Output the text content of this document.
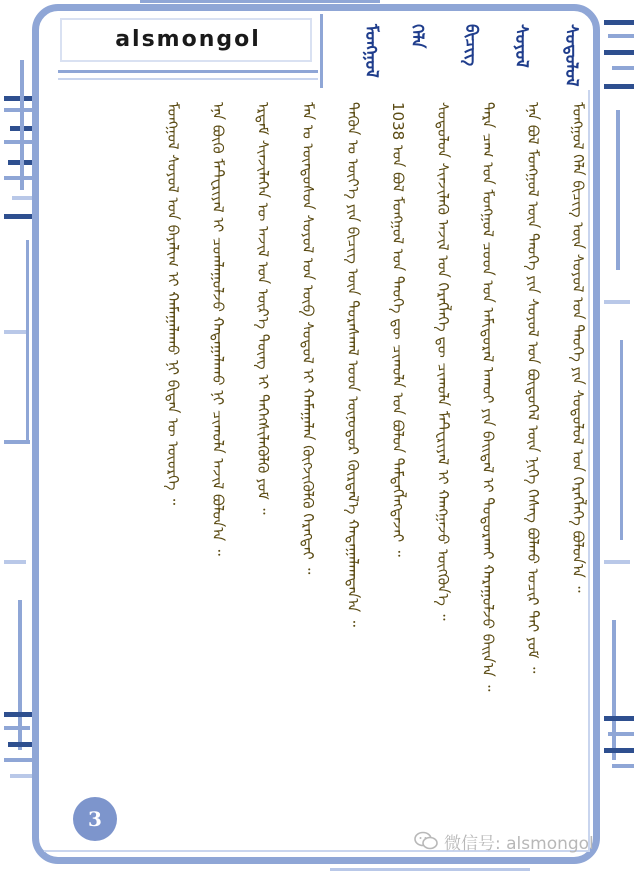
alsmongol	ᠮᠣᠩᠭᠣᠯ ᠬᠡᠯᠡ ᠪᠢᠴᠢᠭ ᠰᠣᠶᠣᠯ ᠰᠤᠳᠤᠯᠤᠯ
ᠮᠣᠩᠭᠣᠯ ᠬᠡᠯᠡ ᠪᠢᠴᠢᠭ ᠦᠨ ᠰᠣᠶᠣᠯ ᠤᠨ ᠲᠡᠦᠬᠡ ᠶᠢᠨ ᠰᠤᠳᠤᠯᠤᠯ ᠤᠨ ᠬᠡᠷᠡᠭᠯᠡᠭᠡ ᠪᠣᠯᠤᠨ᠎ᠠ ᠃
ᠡᠨᠡ ᠪᠣᠯ ᠮᠣᠩᠭᠣᠯ ᠦᠨ ᠲᠡᠦᠬᠡ ᠶᠢᠨ ᠰᠣᠶᠣᠯ ᠤᠨ ᠪᠦᠲᠦᠭᠡᠯ ᠦᠨ ᠨᠢᠭᠡ ᠬᠡᠰᠡᠭ ᠪᠣᠯᠬᠤ ᠤᠴᠢᠷ ᠲᠠᠢ ᠶᠤᠮ ᠃
ᠲᠡᠷᠡ ᠴᠠᠭ ᠤᠨ ᠮᠣᠩᠭᠣᠯ ᠴᠤᠳ ᠤᠨ ᠠᠮᠢᠳᠤᠷᠠᠯ ᠠᠬᠤᠢ ᠶᠢᠨ ᠪᠠᠢᠳᠠᠯ ᠢ ᠲᠣᠳᠣᠷᠬᠠᠢ ᠬᠠᠷᠠᠭᠤᠯᠵᠤ ᠪᠠᠢᠨ᠎ᠠ ᠃
ᠰᠤᠳᠤᠯᠤᠨ ᠰᠢᠨᠵᠢᠯᠡᠬᠦ ᠠᠵᠢᠯ ᠤᠨ ᠬᠡᠷᠡᠭᠯᠡᠭᠡ ᠳᠦ ᠴᠢᠬᠤᠯᠠ ᠮᠠᠲᠧᠷᠢᠶᠠᠯ ᠢ ᠬᠠᠩᠭᠠᠵᠤ ᠦᠭᠭᠦᠨ᠎ᠡ ᠃
1038 ᠣᠨ ᠪᠣᠯ ᠮᠣᠩᠭᠣᠯ ᠤᠨ ᠲᠡᠦᠬᠡ ᠳᠦ ᠴᠢᠬᠤᠯᠠ ᠣᠨ ᠪᠣᠯᠤᠨ ᠲᠡᠮᠳᠡᠭᠯᠡᠭᠳᠡᠵᠡᠢ ᠃
ᠲᠡᠭᠦᠨ ᠤ ᠦᠶ᠎ᠡ ᠶᠢᠨ ᠪᠢᠴᠢᠭ ᠦᠨ ᠳᠤᠷᠠᠰᠬᠠᠯ ᠤᠳ ᠥᠨᠥᠳᠥᠷ ᠬᠦᠷᠲᠡᠯ᠎ᠡ ᠬᠠᠳᠠᠭᠠᠯᠠᠭᠳᠠᠨ᠎ᠠ ᠃
ᠮᠠᠨ ᠤ ᠦᠨᠳᠦᠰᠦᠨ ᠰᠣᠶᠣᠯ ᠤᠨ ᠦᠪ ᠰᠤᠳᠤᠯ ᠢ ᠬᠠᠮᠠᠭᠠᠯᠠᠨ ᠬᠦᠭᠵᠢᠭᠦᠯᠬᠦ ᠬᠡᠷᠡᠭᠲᠡᠢ ᠃
ᠡᠷᠳᠡᠮ ᠰᠢᠨᠵᠢᠯᠡᠭᠡᠨ ᠦ ᠠᠵᠢᠯ ᠤᠨ ᠦᠷ᠎ᠡ ᠳᠦᠩ ᠢ ᠳᠡᠭᠡᠭᠰᠢᠯᠡᠭᠦᠯᠬᠦ ᠶᠤᠮ ᠃
ᠡᠨᠡ ᠪᠦᠬᠦ ᠮᠠᠲᠧᠷᠢᠶᠠᠯ ᠢ ᠴᠤᠭᠯᠠᠭᠤᠯᠵᠤ ᠬᠠᠳᠠᠭᠠᠯᠠᠬᠤ ᠨᠢ ᠴᠢᠬᠤᠯᠠ ᠠᠵᠢᠯ ᠪᠣᠯᠤᠨ᠎ᠠ ᠃
ᠮᠣᠩᠭᠣᠯ ᠰᠣᠶᠣᠯ ᠤᠨ ᠪᠠᠶᠠᠯᠢᠭ ᠢ ᠬᠠᠮᠠᠭᠠᠯᠠᠬᠤ ᠨᠢ ᠪᠢᠳᠡᠨ ᠦ ᠦᠦᠷᠭᠡ ᠃
3
微信号: alsmongol
